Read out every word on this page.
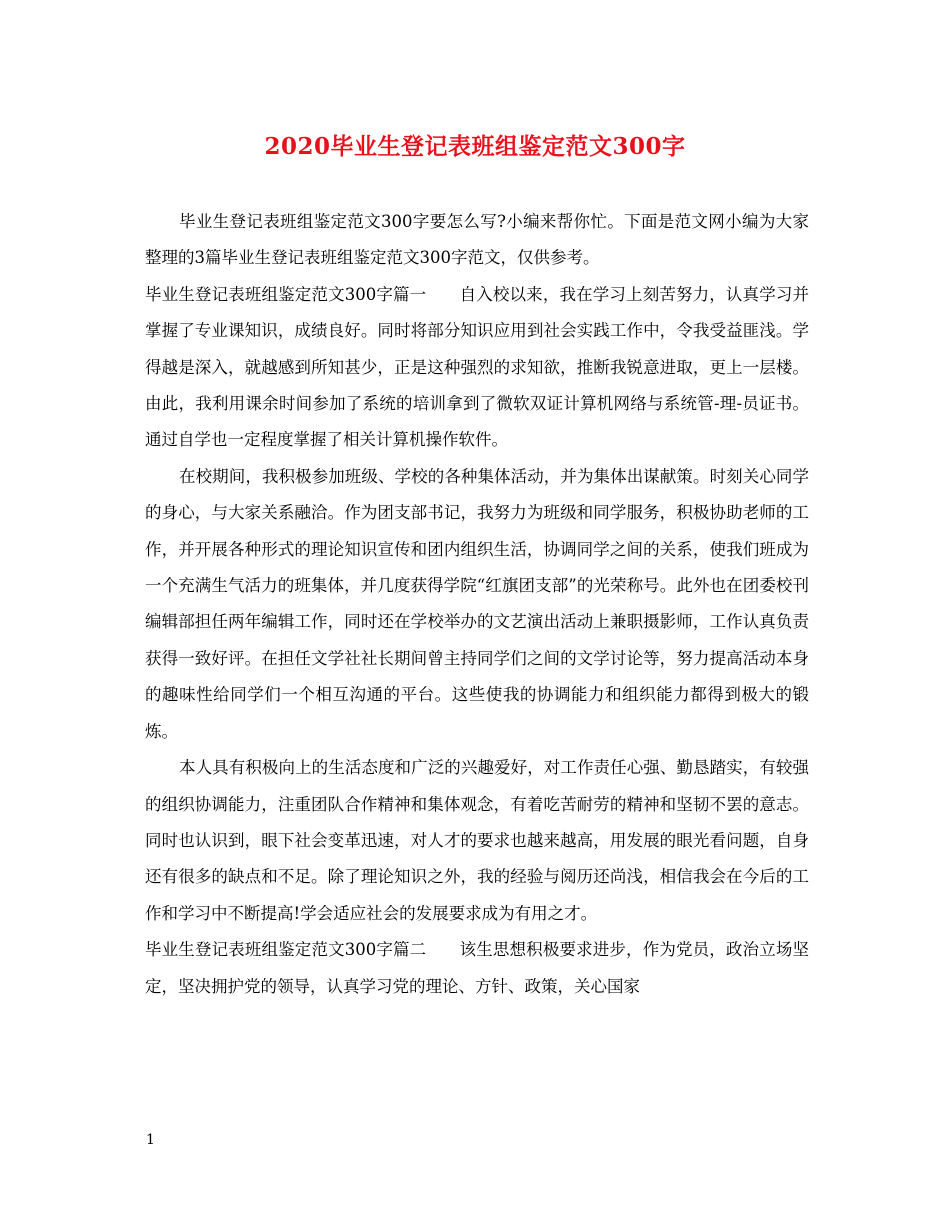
2020毕业生登记表班组鉴定范文300字

毕业生登记表班组鉴定范文300字要怎么写?小编来帮你忙。下面是范文网小编为大家整理的3篇毕业生登记表班组鉴定范文300字范文，仅供参考。

毕业生登记表班组鉴定范文300字篇一　　自入校以来，我在学习上刻苦努力，认真学习并掌握了专业课知识，成绩良好。同时将部分知识应用到社会实践工作中，令我受益匪浅。学得越是深入，就越感到所知甚少，正是这种强烈的求知欲，推断我锐意进取，更上一层楼。由此，我利用课余时间参加了系统的培训拿到了微软双证计算机网络与系统管-理-员证书。通过自学也一定程度掌握了相关计算机操作软件。

在校期间，我积极参加班级、学校的各种集体活动，并为集体出谋献策。时刻关心同学的身心，与大家关系融洽。作为团支部书记，我努力为班级和同学服务，积极协助老师的工作，并开展各种形式的理论知识宣传和团内组织生活，协调同学之间的关系，使我们班成为一个充满生气活力的班集体，并几度获得学院“红旗团支部”的光荣称号。此外也在团委校刊编辑部担任两年编辑工作，同时还在学校举办的文艺演出活动上兼职摄影师，工作认真负责获得一致好评。在担任文学社社长期间曾主持同学们之间的文学讨论等，努力提高活动本身的趣味性给同学们一个相互沟通的平台。这些使我的协调能力和组织能力都得到极大的锻炼。

本人具有积极向上的生活态度和广泛的兴趣爱好，对工作责任心强、勤恳踏实，有较强的组织协调能力，注重团队合作精神和集体观念，有着吃苦耐劳的精神和坚韧不罢的意志。同时也认识到，眼下社会变革迅速，对人才的要求也越来越高，用发展的眼光看问题，自身还有很多的缺点和不足。除了理论知识之外，我的经验与阅历还尚浅，相信我会在今后的工作和学习中不断提高!学会适应社会的发展要求成为有用之才。

毕业生登记表班组鉴定范文300字篇二　　该生思想积极要求进步，作为党员，政治立场坚定，坚决拥护党的领导，认真学习党的理论、方针、政策，关心国家

1
